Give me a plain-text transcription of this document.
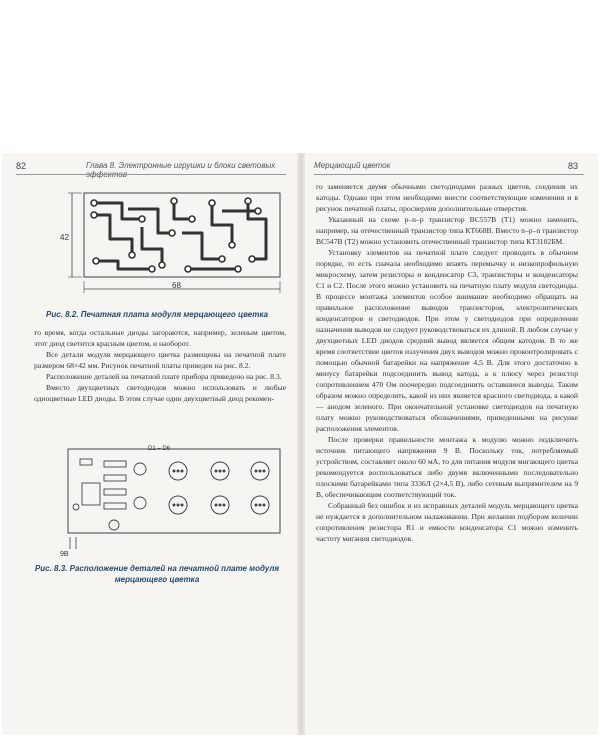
82	Глава 8. Электронные игрушки и блоки световых
42
68
Рис. 8.2. Печатная плата модуля мерцающего цветка

то время, когда остальные диоды загораются, например, зеленым цветом, этот диод светится красным цветом, и наоборот.

Все детали модуля мерцающего цветка размещены на печатной плате размером 68×42 мм. Рисунок печатной платы приведен на рис. 8.2.

Расположение деталей на печатной плате прибора приведено на рис. 8.3.

Вместо двухцветных светодиодов можно использовать и любые одноцветные LED диоды. В этом случае один двухцветный диод рекомен-

D1 – D6
9В
Рис. 8.3. Расположение деталей на печатной плате модуля
мерцающего цветка
Мерцающий цветок	83

го заменяется двумя обычными светодиодами разных цветов, соединив их катоды. Однако при этом необходимо внести соответствующие изменения и в рисунок печатной платы, просверлив дополнительные отверстия.

Указанный на схеме p–n–p транзистор BC557B (T1) можно заменить, например, на отечественный транзистор типа КТ668В. Вместо n–p–n транзистор BC547B (T2) можно установить отечественный транзистор типа КТ3102БМ.

Установку элементов на печатной плате следует проводить в обычном порядке, то есть сначала необходимо впаять перемычку и низкопрофильную микросхему, затем резисторы и конденсатор С3, транзисторы и конденсаторы С1 и С2. После этого можно установить на печатную плату модуля светодиоды. В процессе монтажа элементов особое внимание необходимо обращать на правильное расположение выводов транзисторов, электролитических конденсаторов и светодиодов. При этом у светодиодов при определении назначения выводов не следует руководствоваться их длиной. В любом случае у двухцветных LED диодов средний вывод является общим катодом. В то же время соответствие цветов излучения двух выводов можно проконтролировать с помощью обычной батарейки на напряжение 4,5 В. Для этого достаточно к минусу батарейки подсоединить вывод катода, а к плюсу через резистор сопротивлением 470 Ом поочередно подсоединить оставшиеся выводы. Таким образом можно определить, какой из них является красного светодиода, а какой — анодом зеленого. При окончательной установке светодиодов на печатную плату можно руководствоваться обозначениями, приведенными на рисунке расположения элементов.

После проверки правильности монтажа к модулю можно подключить источник питающего напряжения 9 В. Поскольку ток, потребляемый устройством, составляет около 60 мА, то для питания модуля мигающего цветка рекомендуется воспользоваться либо двумя включенными последовательно плоскими батарейками типа 3336Л (2×4,5 В), либо сетевым выпрямителем на 9 В, обеспечивающим соответствующий ток.

Собранный без ошибок и из исправных деталей модуль мерцающего цветка не нуждается в дополнительном налаживании. При желании подбором величин сопротивления резистора R1 и емкости конденсатора С1 можно изменить частоту мигания светодиодов.
